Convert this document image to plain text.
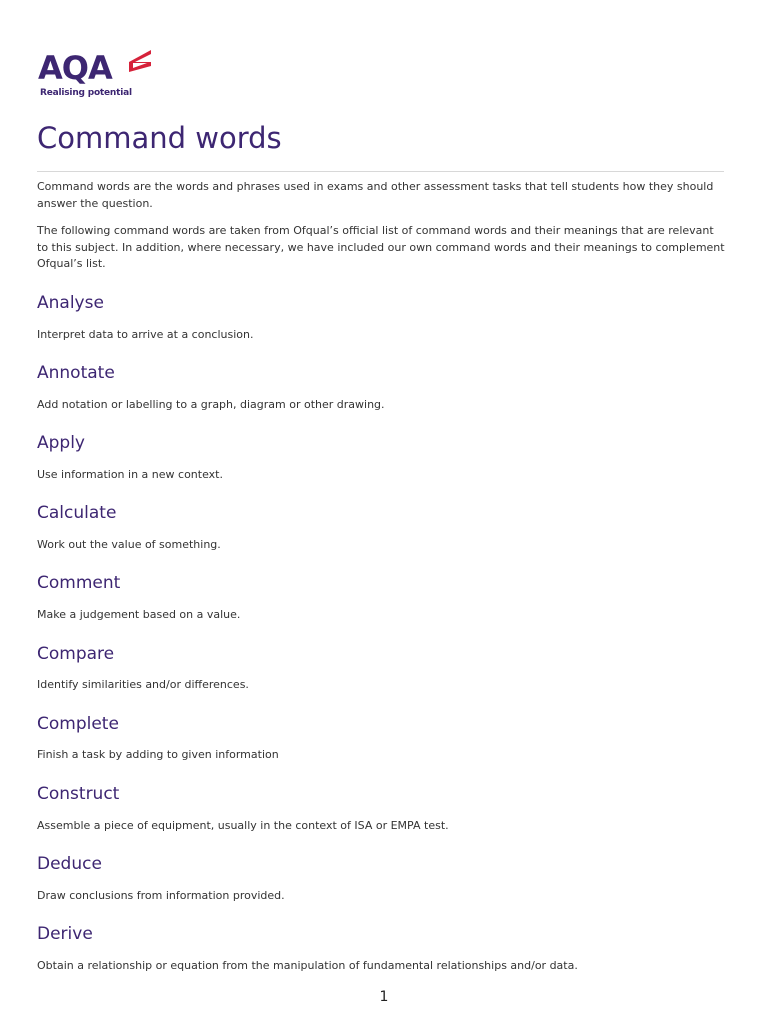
AQA
Realising potential
Command words

Command words are the words and phrases used in exams and other assessment tasks that tell students how they should answer the question.

The following command words are taken from Ofqual’s official list of command words and their meanings that are relevant to this subject. In addition, where necessary, we have included our own command words and their meanings to complement Ofqual’s list.

Analyse

Interpret data to arrive at a conclusion.

Annotate

Add notation or labelling to a graph, diagram or other drawing.

Apply

Use information in a new context.

Calculate

Work out the value of something.

Comment

Make a judgement based on a value.

Compare

Identify similarities and/or differences.

Complete

Finish a task by adding to given information

Construct

Assemble a piece of equipment, usually in the context of ISA or EMPA test.

Deduce

Draw conclusions from information provided.

Derive

Obtain a relationship or equation from the manipulation of fundamental relationships and/or data.

1
